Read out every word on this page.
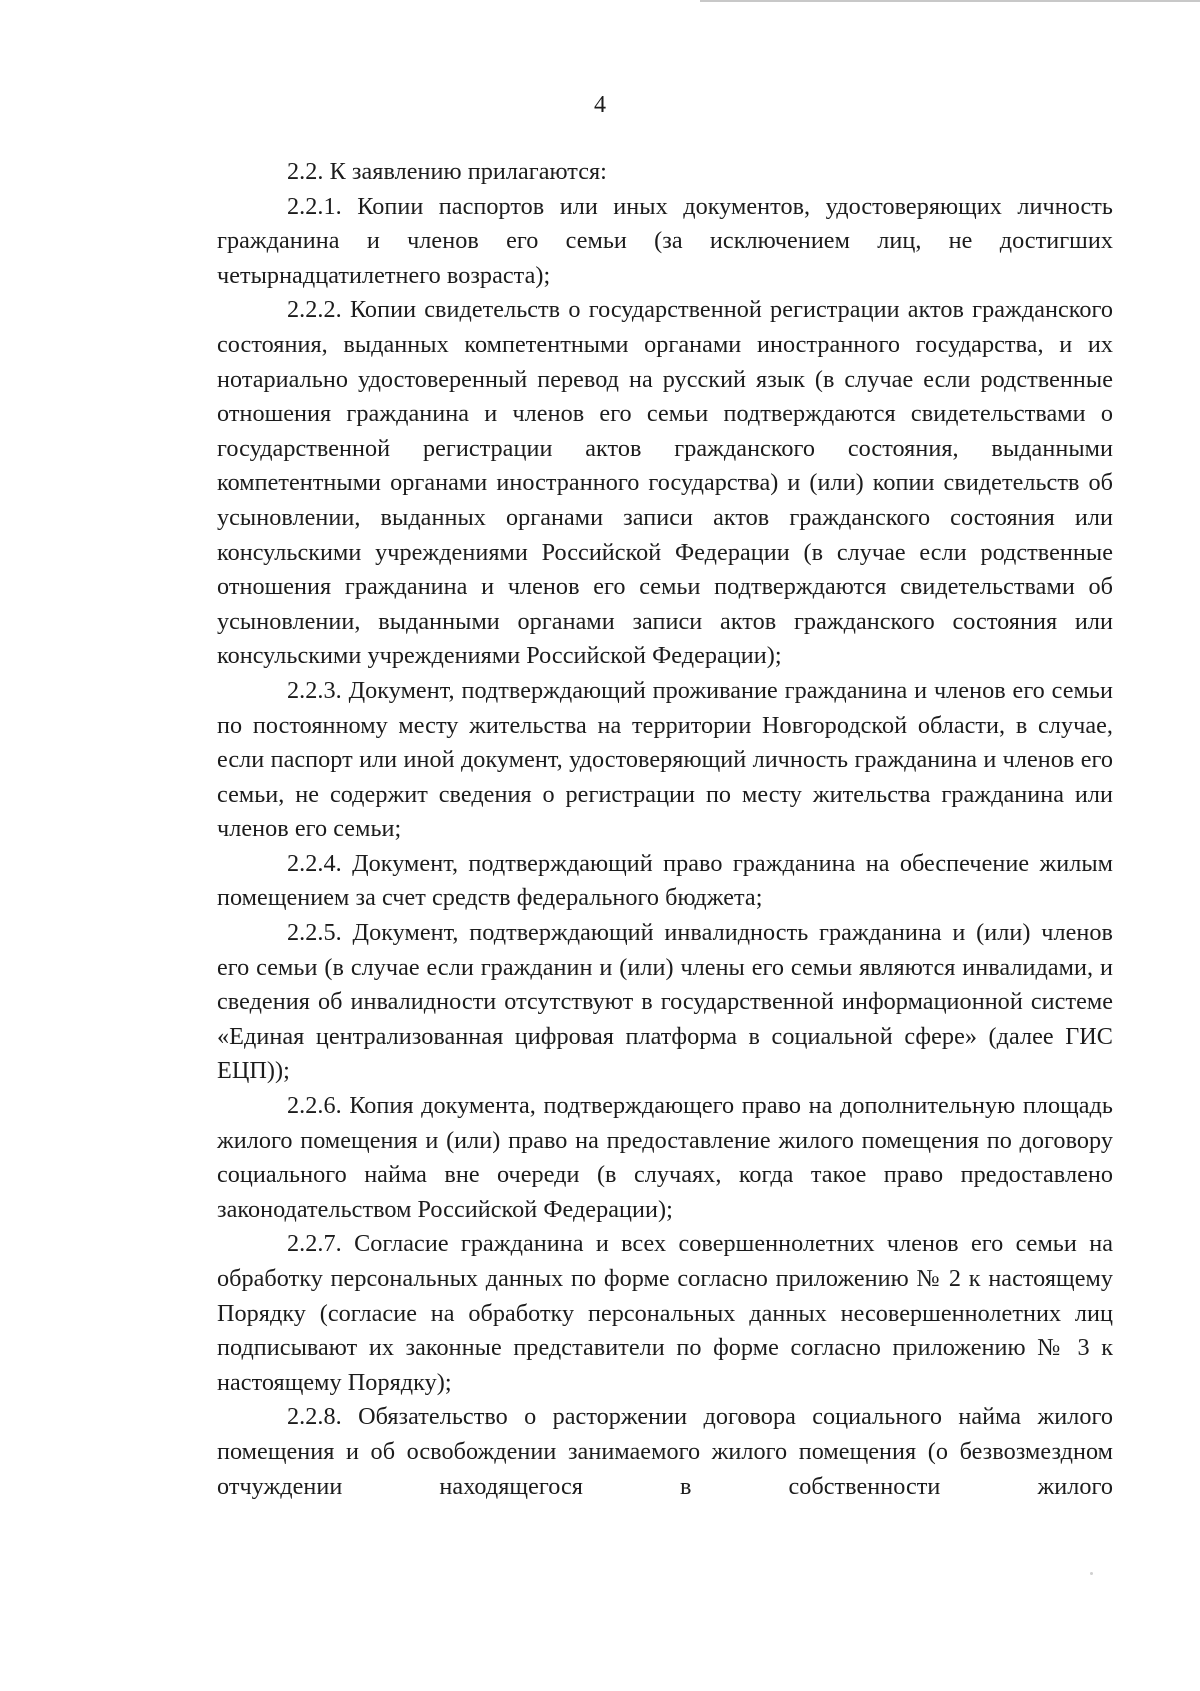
4

2.2. К заявлению прилагаются:

2.2.1. Копии паспортов или иных документов, удостоверяющих личность гражданина и членов его семьи (за исключением лиц, не достигших четырнадцатилетнего возраста);

2.2.2. Копии свидетельств о государственной регистрации актов гражданского состояния, выданных компетентными органами иностранного государства, и их нотариально удостоверенный перевод на русский язык (в случае если родственные отношения гражданина и членов его семьи подтверждаются свидетельствами о государственной регистрации актов гражданского состояния, выданными компетентными органами иностранного государства) и (или) копии свидетельств об усыновлении, выданных органами записи актов гражданского состояния или консульскими учреждениями Российской Федерации (в случае если родственные отношения гражданина и членов его семьи подтверждаются свидетельствами об усыновлении, выданными органами записи актов гражданского состояния или консульскими учреждениями Российской Федерации);

2.2.3. Документ, подтверждающий проживание гражданина и членов его семьи по постоянному месту жительства на территории Новгородской области, в случае, если паспорт или иной документ, удостоверяющий личность гражданина и членов его семьи, не содержит сведения о регистрации по месту жительства гражданина или членов его семьи;

2.2.4. Документ, подтверждающий право гражданина на обеспечение жилым помещением за счет средств федерального бюджета;

2.2.5. Документ, подтверждающий инвалидность гражданина и (или) членов его семьи (в случае если гражданин и (или) члены его семьи являются инвалидами, и сведения об инвалидности отсутствуют в государственной информационной системе «Единая централизованная цифровая платформа в социальной сфере» (далее ГИС ЕЦП));

2.2.6. Копия документа, подтверждающего право на дополнительную площадь жилого помещения и (или) право на предоставление жилого помещения по договору социального найма вне очереди (в случаях, когда такое право предоставлено законодательством Российской Федерации);

2.2.7. Согласие гражданина и всех совершеннолетних членов его семьи на обработку персональных данных по форме согласно приложению № 2 к настоящему Порядку (согласие на обработку персональных данных несовершеннолетних лиц подписывают их законные представители по форме согласно приложению № 3 к настоящему Порядку);

2.2.8. Обязательство о расторжении договора социального найма жилого помещения и об освобождении занимаемого жилого помещения (о безвозмездном отчуждении находящегося в собственности жилого
